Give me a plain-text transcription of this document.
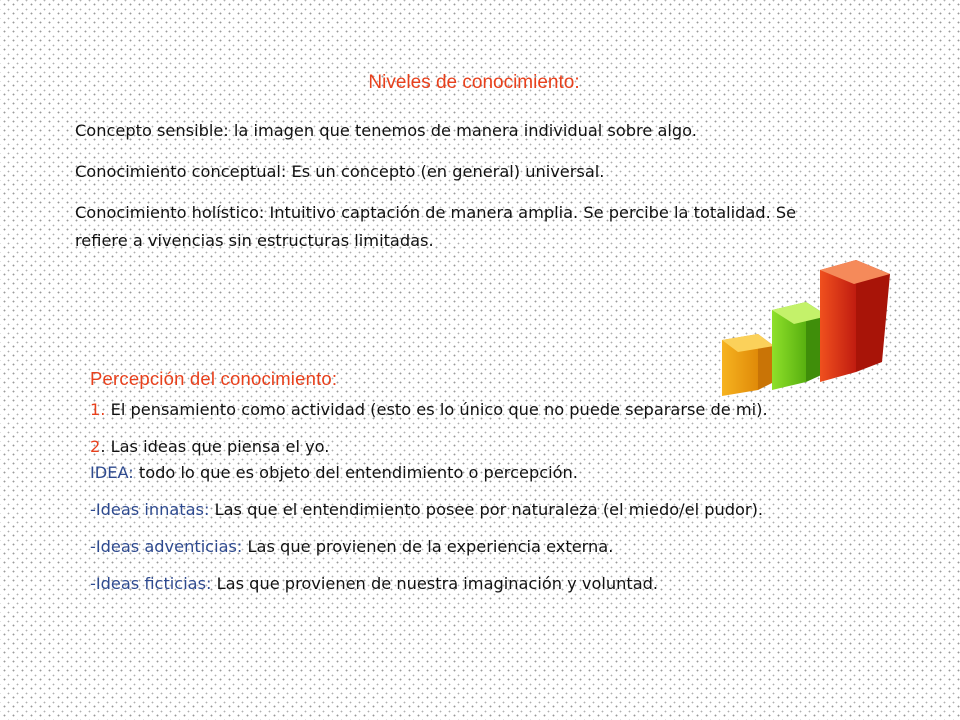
Niveles de conocimiento:

Concepto sensible: la imagen que tenemos de manera individual sobre algo.

Conocimiento conceptual: Es un concepto (en general) universal.

Conocimiento holístico: Intuitivo captación de manera amplia. Se percibe la totalidad. Se refiere a vivencias sin estructuras limitadas.

Percepción del conocimiento:

1. El pensamiento como actividad (esto es lo único que no puede separarse de mi).

2. Las ideas que piensa el yo.
IDEA: todo lo que es objeto del entendimiento o percepción.

-Ideas innatas: Las que el entendimiento posee por naturaleza (el miedo/el pudor).

-Ideas adventicias: Las que provienen de la experiencia externa.

-Ideas ficticias: Las que provienen de nuestra imaginación y voluntad.
